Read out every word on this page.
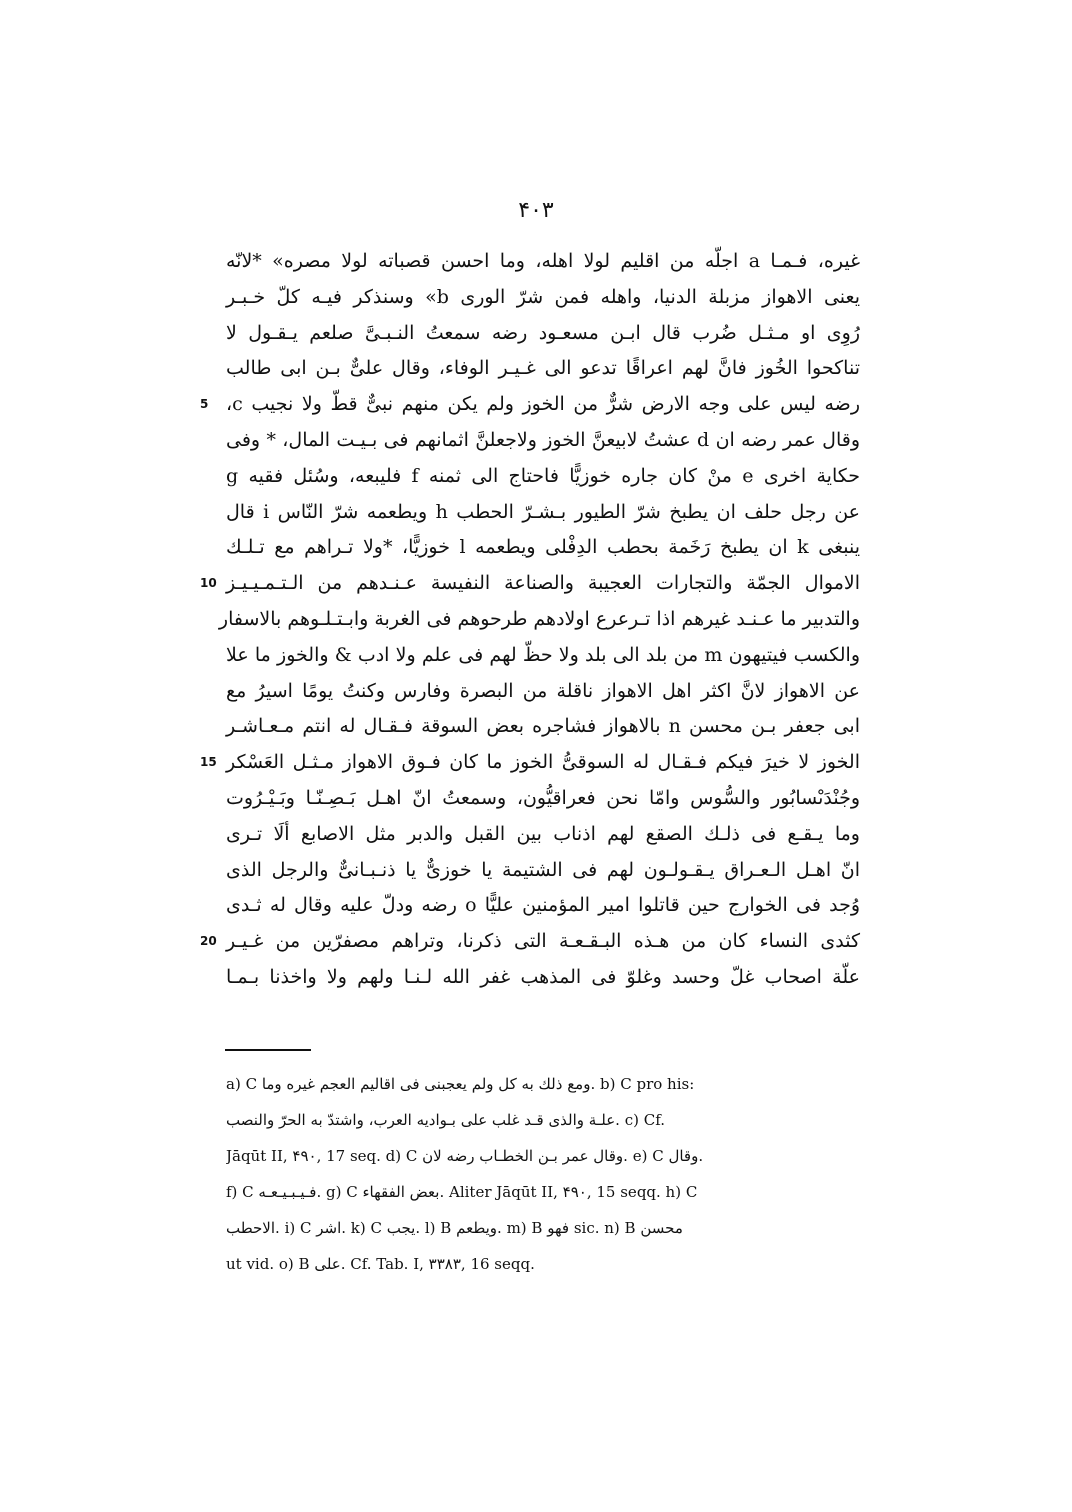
۴۰۳
غيره، فـمـا a اجلّه من اقليم لولا اهله، وما احسن قصباته لولا مصره» *لانّه
يعنى الاهواز مزبلة الدنيا، واهله فمن شرّ الورى b» وسنذكر فيـه كلّ خـبـر
رُوِى او مـثـل ضُرب قال ابـن مسعـود رضه سمعتُ النـبـىَّ صلعم يـقـول لا
تناكحوا الخُوز فانَّ لهم اعراقًا تدعو الى غـيـر الوفاء، وقال علىٌّ بـن ابى طالب
رضه ليس على وجه الارض شرٌّ من الخوز ولم يكن منهم نبىٌّ قطّ ولا نجيب c،
5
وقال عمر رضه ان d عشتُ لابيعنَّ الخوز ولاجعلنَّ اثمانهم فى بـيـت المال، * وفى
حكاية اخرى e منْ كان جاره خوزيًّا فاحتاج الى ثمنه f فليبعه، وسُئل فقيه g
عن رجل حلف ان يطبخ شرّ الطيور بـشـرّ الحطب h ويطعمه شرّ النّاس i قال
ينبغى k ان يطبخ رَخَمة بحطب الدِفْلى ويطعمه l خوزيًّا، *ولا تـراهم مع تـلـك
الاموال الجمّة والتجارات العجيبة والصناعة النفيسة عـنـدهم من الـتـمـيـيـز
10
والتدبير ما عـنـد غيرهم اذا تـرعرع اولادهم طرحوهم فى الغربة وابـتـلـوهم بالاسفار
والكسب فيتيهون m من بلد الى بلد ولا حظّ لهم فى علم ولا ادب & والخوز ما علا
عن الاهواز لانَّ اكثر اهل الاهواز ناقلة من البصرة وفارس وكنتُ يومًا اسيرُ مع
ابى جعفر بـن محسن n بالاهواز فشاجره بعض السوقة فـقـال له انتم مـعـاشـر
الخوز لا خيرَ فيكم فـقـال له السوقىُّ الخوز ما كان فـوق الاهواز مـثـل العَسْكر
15
وجُنْدَىْسابُور والسُّوس وامّا نحن فعراقيُّون، وسمعتُ انّ اهـل بَـصِـنّـا وبَـيْـرُوت
وما يـقـع فى ذلـك الصقع لهم اذناب بين القبل والدبر مثل الاصابع ألَا تـرى
انّ اهـل الـعـراق يـقـولـون لهم فى الشتيمة يا خوزىٌّ يا ذنـبـانىٌّ والرجل الذى
وُجد فى الخوارج حين قاتلوا امير المؤمنين عليًّا o رضه ودلّ عليه وقال له ثـدى
كثدى النساء كان من هـذه البـقـعـة التى ذكرنا، وتراهم مصفرّين من غـيـر
20
علّة اصحاب غلّ وحسد وغلوّ فى المذهب غفر الله لـنـا ولهم ولا واخذنا بـمـا
a) C ومع ذلك به كل ولم يعجبنى فى اقاليم العجم غيره وما. b) C pro his:
علـة والذى قـد غلب على بـواديه العرب، واشتدّ به الحرّ والنصب. c) Cf.
Jāqūt II, ۴۹۰, 17 seq. d) C وقال عمر بـن الخطـاب رضه لان. e) C وقال.
f) C فـيـبـيـعـه. g) C بعض الفقهاء. Aliter Jāqūt II, ۴۹۰, 15 seqq. h) C
الاحطب. i) C اشر. k) C يجب. l) B ويطعم. m) B فهو sic. n) B محسن
ut vid. o) B على. Cf. Tab. I, ۳۳۸۳, 16 seqq.
